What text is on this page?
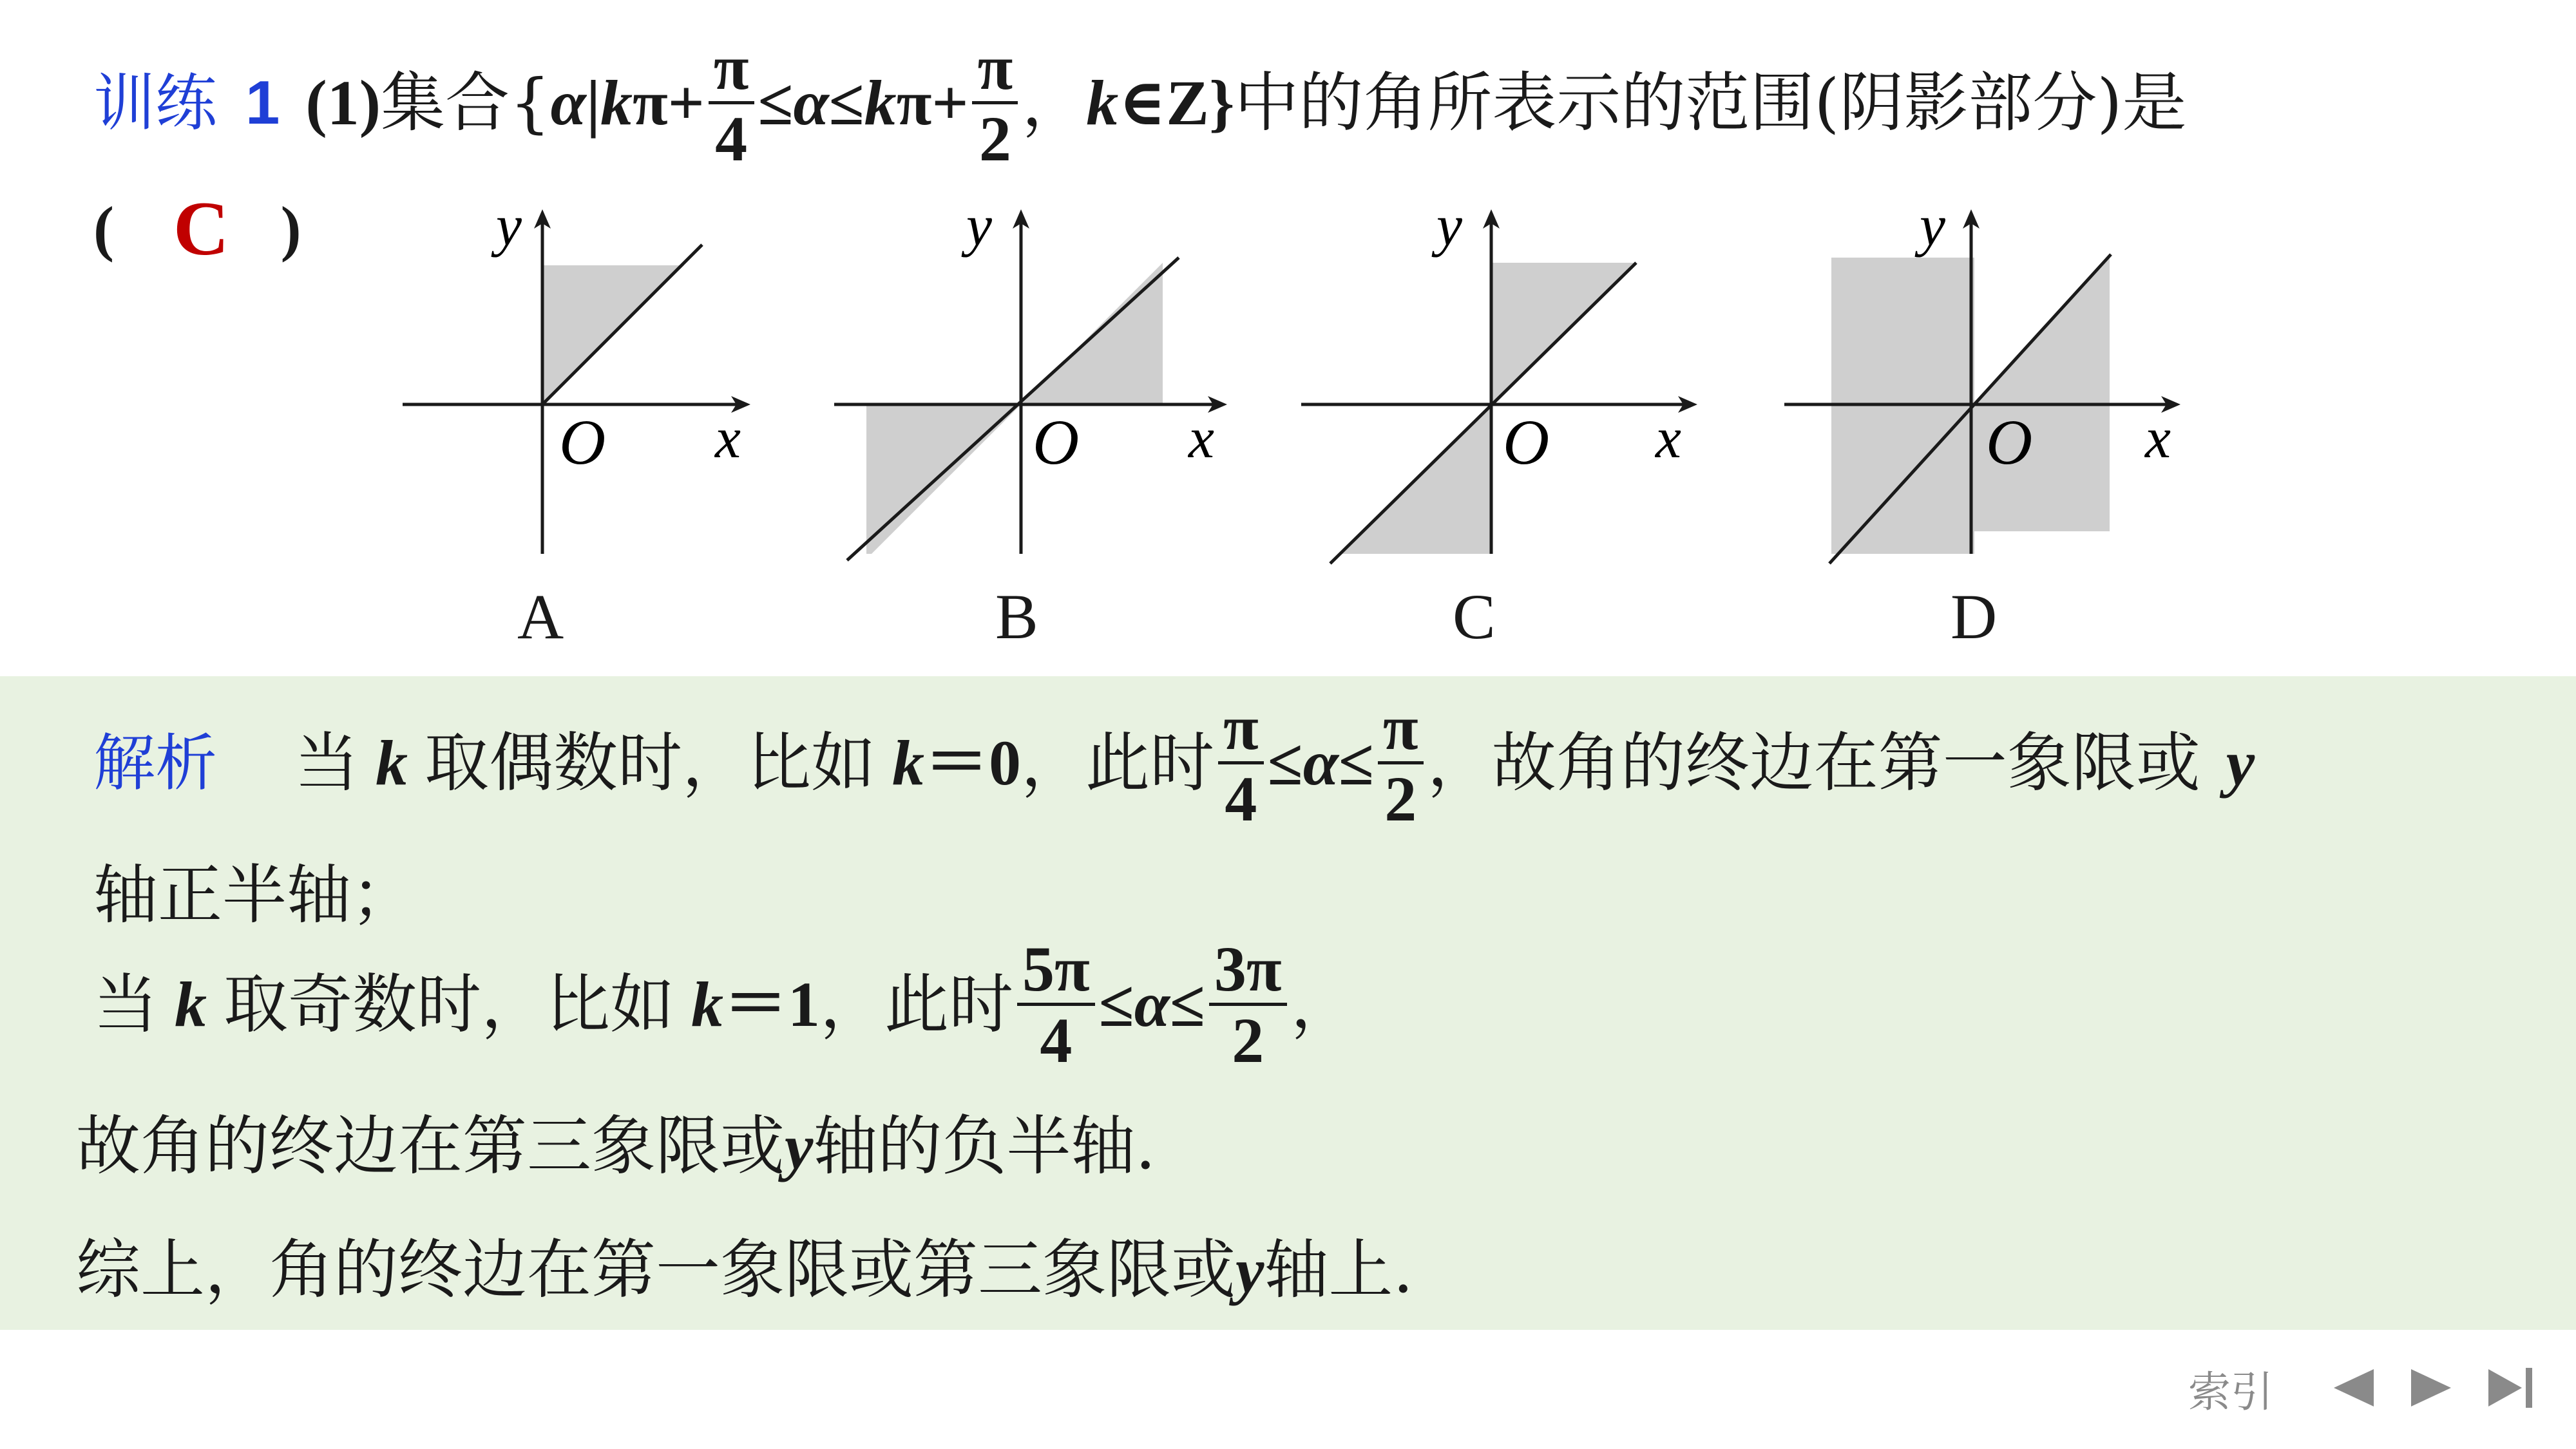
训练 1 (1) 集合{ α | k $\pi + \frac{\pi}{4} \le \alpha \le k$ $\pi + \frac{\pi}{2}$ ， k ∈Z} 中的角所表示的范围(阴影部分)是
( C )	y
O x
A
y
O x
B
y
O x
C
y
O x
D
解析 当 k 取偶数时，比如 k ＝0 ，此时 $\frac{\pi}{4} \le \alpha \le \frac{\pi}{2}$ ，故角的终边在第一象限或 y
轴正半轴；
当 k 取奇数时，比如 k ＝1 ，此时 $\frac{5\pi}{4} \le \alpha \le \frac{3\pi}{2}$ ，
故角的终边在第三象限或y轴的负半轴.
综上，角的终边在第一象限或第三象限或y轴上.
索引
